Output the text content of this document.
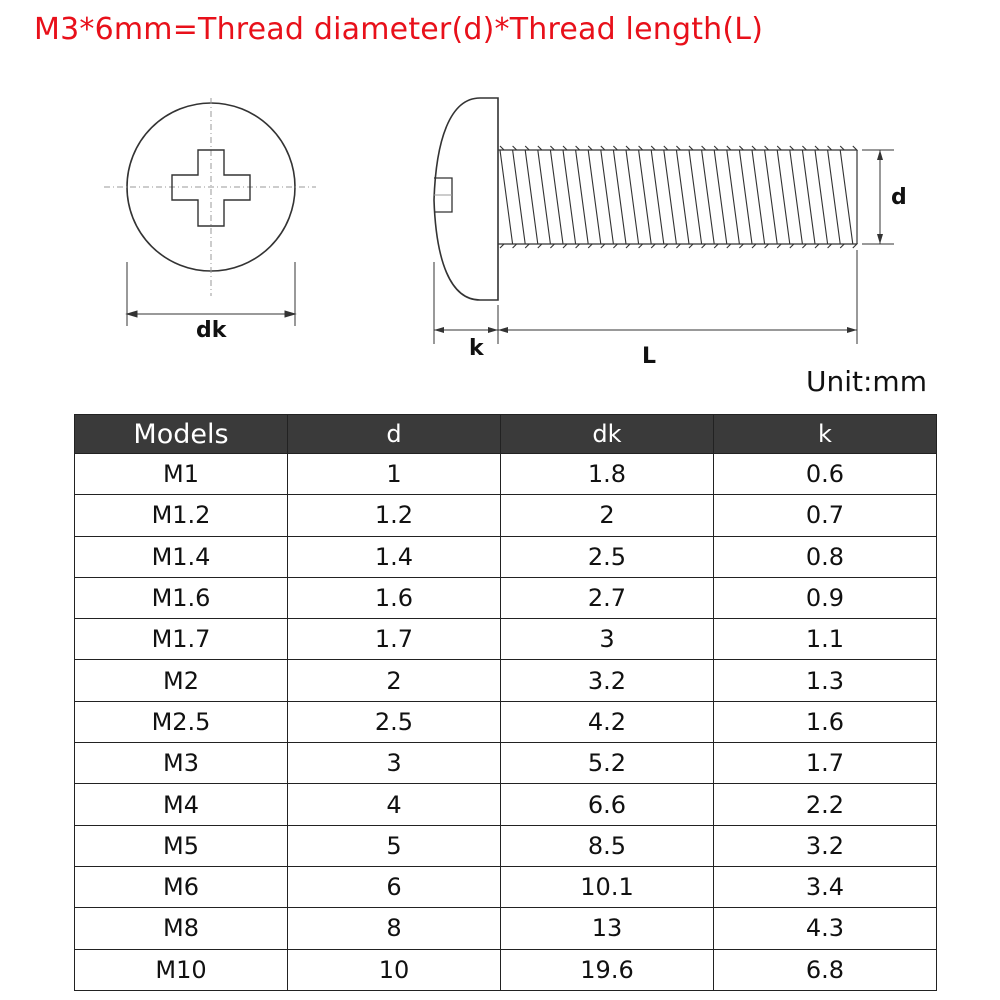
M3*6mm=Thread diameter(d)*Thread length(L)
dk
k	L
d
Unit:mm
Models	d	dk	k
M1	1	1.8	0.6
M1.2	1.2	2	0.7
M1.4	1.4	2.5	0.8
M1.6	1.6	2.7	0.9
M1.7	1.7	3	1.1
M2	2	3.2	1.3
M2.5	2.5	4.2	1.6
M3	3	5.2	1.7
M4	4	6.6	2.2
M5	5	8.5	3.2
M6	6	10.1	3.4
M8	8	13	4.3
M10	10	19.6	6.8
